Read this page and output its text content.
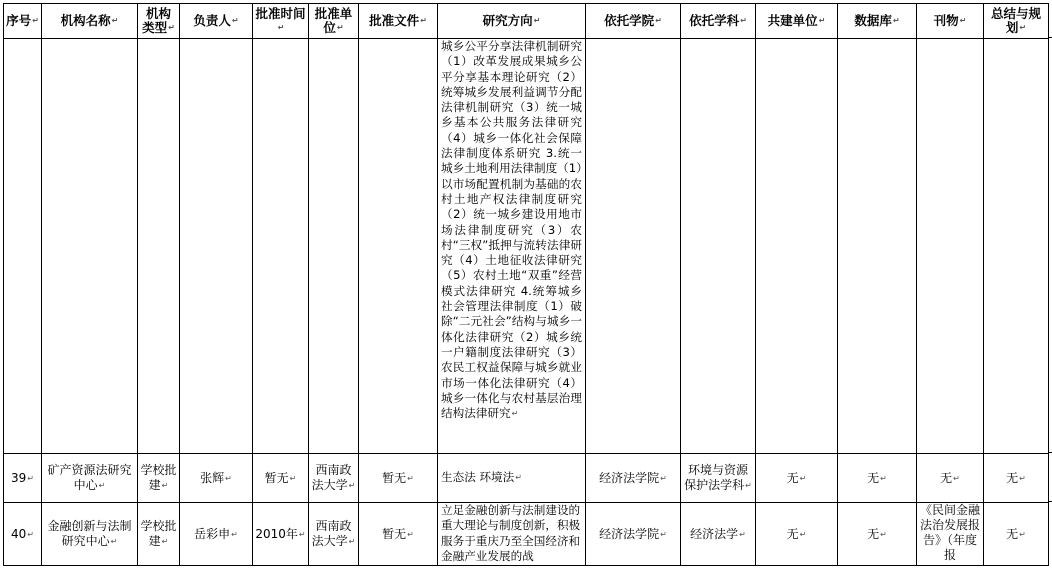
序号↵	机构名称↵	机构类型↵	负责人↵	批准时间↵	批准单位↵	批准文件↵	研究方向↵	依托学院↵	依托学科↵	共建单位↵	数据库↵	刊物↵	总结与规划↵
							城乡公平分享法律机制研究（1）改革发展成果城乡公平分享基本理论研究（2）统筹城乡发展利益调节分配法律机制研究（3）统一城乡基本公共服务法律研究（4）城乡一体化社会保障法律制度体系研究 3.统一城乡土地利用法律制度（1）以市场配置机制为基础的农村土地产权法律制度研究（2）统一城乡建设用地市场法律制度研究（3）农村“三权”抵押与流转法律研究（4）土地征收法律研究（5）农村土地“双重”经营模式法律研究 4.统筹城乡社会管理法律制度（1）破除“二元社会”结构与城乡一体化法律研究（2）城乡统一户籍制度法律研究（3）农民工权益保障与城乡就业市场一体化法律研究（4）城乡一体化与农村基层治理结构法律研究↵						
39↵	矿产资源法研究中心↵	学校批建↵	张辉↵	暂无↵	西南政法大学↵	暂无↵	生态法 环境法↵	经济法学院↵	环境与资源保护法学科↵	无↵	无↵	无↵	无↵
40↵	金融创新与法制研究中心↵	学校批建↵	岳彩申↵	2010年↵	西南政法大学↵	暂无↵	立足金融创新与法制建设的重大理论与制度创新，积极服务于重庆乃至全国经济和金融产业发展的战	经济法学院↵	经济法学↵	无↵	无↵	《民间金融法治发展报告》（年度报	无↵
